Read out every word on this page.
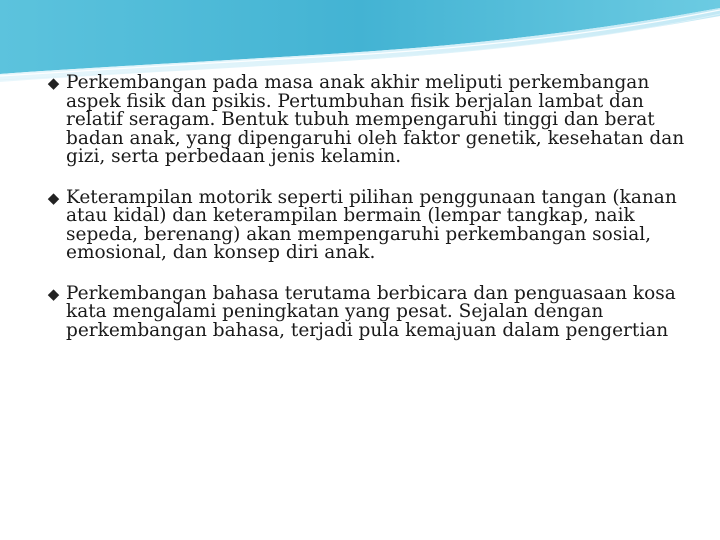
◆ Perkembangan pada masa anak akhir meliputi perkembangan aspek fisik dan psikis. Pertumbuhan fisik berjalan lambat dan relatif seragam. Bentuk tubuh mempengaruhi tinggi dan berat badan anak, yang dipengaruhi oleh faktor genetik, kesehatan dan gizi, serta perbedaan jenis kelamin.
◆ Keterampilan motorik seperti pilihan penggunaan tangan (kanan atau kidal) dan keterampilan bermain (lempar tangkap, naik sepeda, berenang) akan mempengaruhi perkembangan sosial, emosional, dan konsep diri anak.
◆ Perkembangan bahasa terutama berbicara dan penguasaan kosa kata mengalami peningkatan yang pesat. Sejalan dengan perkembangan bahasa, terjadi pula kemajuan dalam pengertian
